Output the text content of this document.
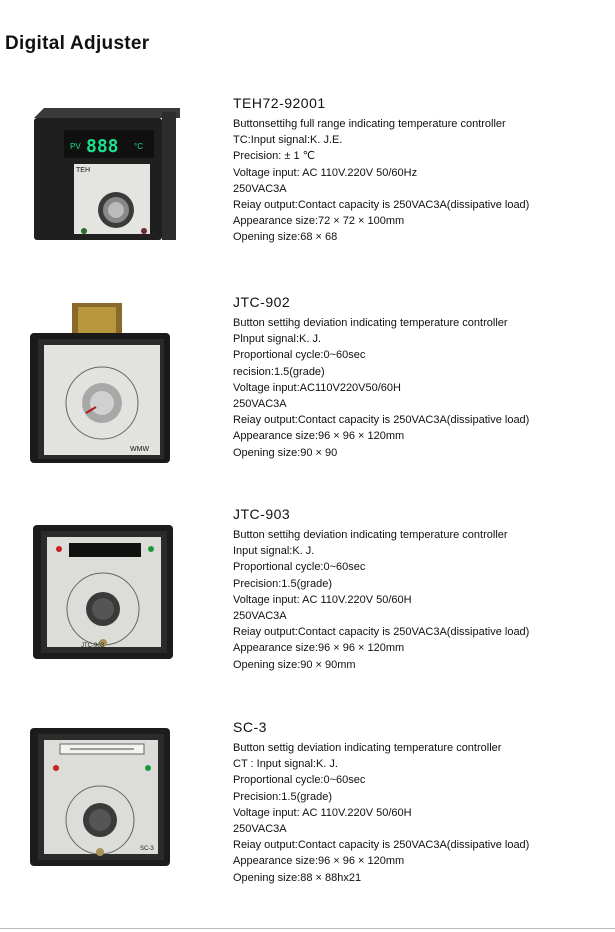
Digital Adjuster
PV 888 °C
TEH
TEH72-92001
Buttonsettihg full range indicating temperature controller
TC:Input signal:K. J.E.
Precision: ± 1 ℃
Voltage input: AC 110V.220V 50/60Hz
250VAC3A
Reiay output:Contact capacity is 250VAC3A(dissipative load)
Appearance size:72 × 72 × 100mm
Opening size:68 × 68
WMW
JTC-902
Button settihg deviation indicating temperature controller
Plnput signal:K. J.
Proportional cycle:0~60sec
recision:1.5(grade)
Voltage input:AC110V220V50/60H
250VAC3A
Reiay output:Contact capacity is 250VAC3A(dissipative load)
Appearance size:96 × 96 × 120mm
Opening size:90 × 90
JTC-903
JTC-903
Button settihg deviation indicating temperature controller
Input signal:K. J.
Proportional cycle:0~60sec
Precision:1.5(grade)
Voltage input: AC 110V.220V 50/60H
250VAC3A
Reiay output:Contact capacity is 250VAC3A(dissipative load)
Appearance size:96 × 96 × 120mm
Opening size:90 × 90mm
SC-3
SC-3
Button settig deviation indicating temperature controller
CT : Input signal:K. J.
Proportional cycle:0~60sec
Precision:1.5(grade)
Voltage input: AC 110V.220V 50/60H
250VAC3A
Reiay output:Contact capacity is 250VAC3A(dissipative load)
Appearance size:96 × 96 × 120mm
Opening size:88 × 88hx21
